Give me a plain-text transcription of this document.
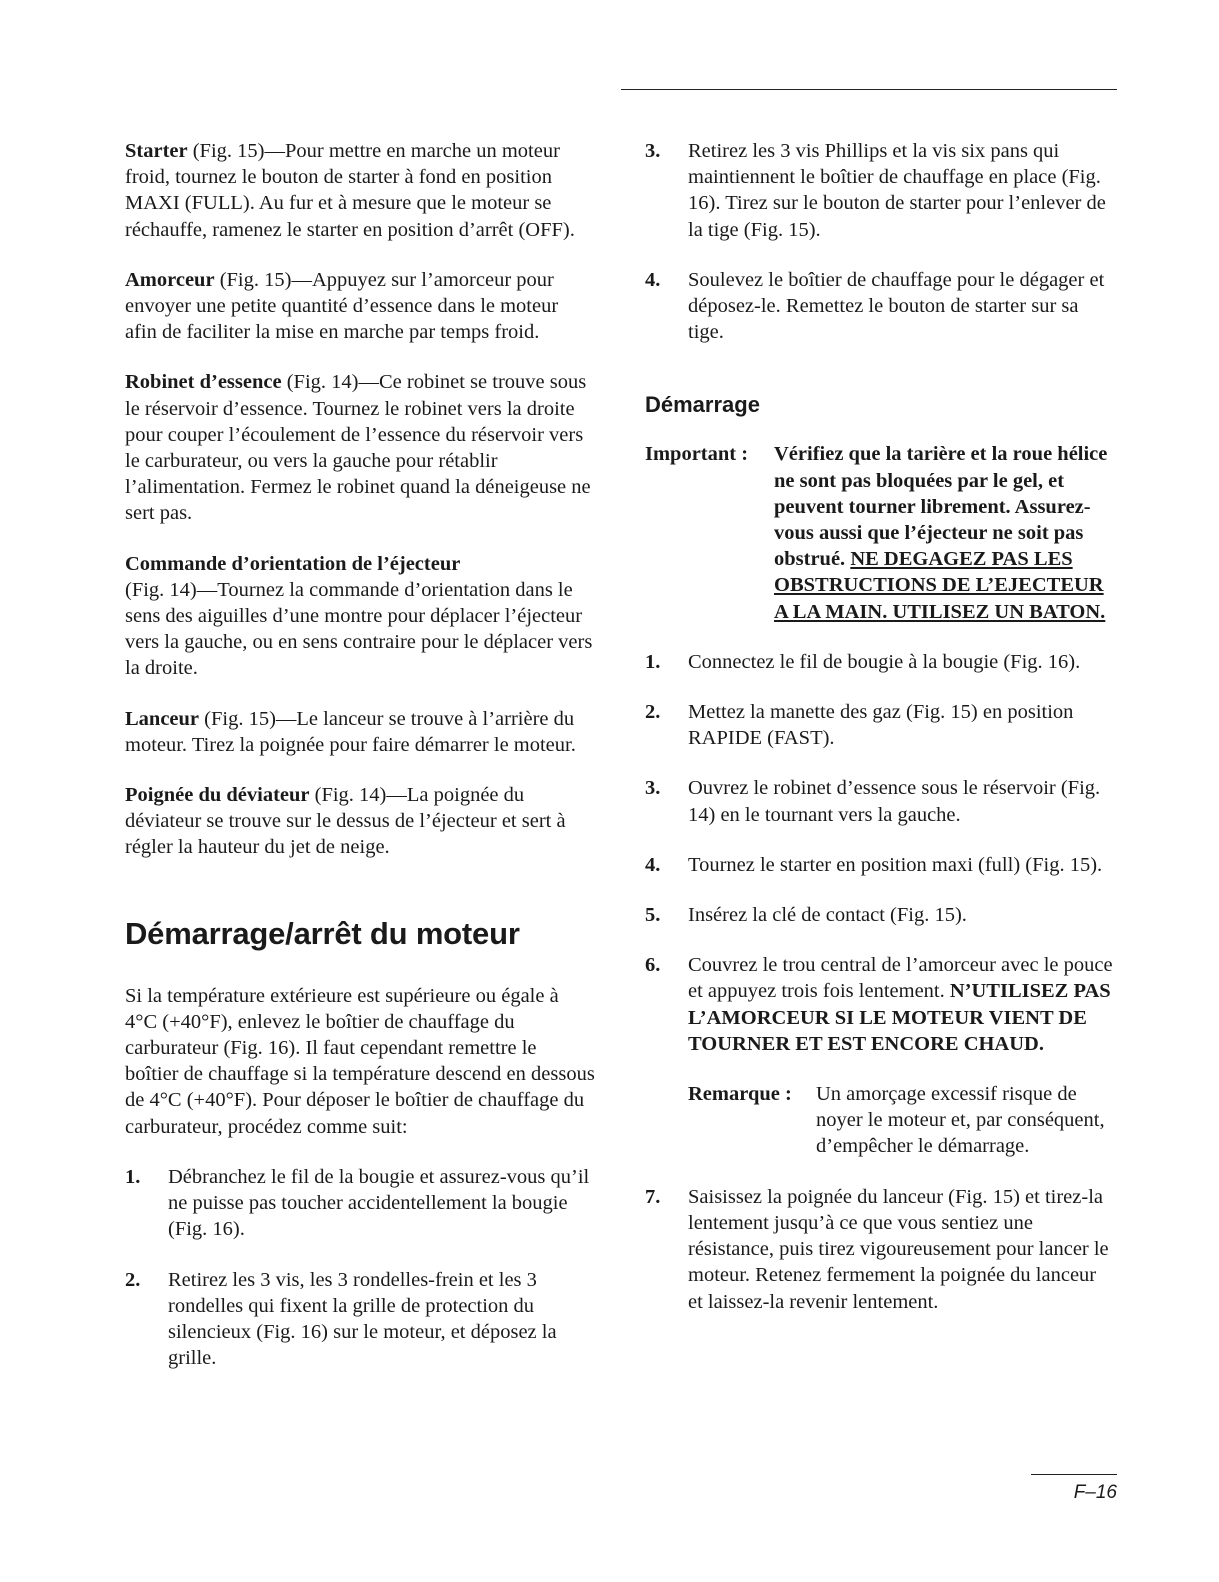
Starter (Fig. 15)—Pour mettre en marche un moteur froid, tournez le bouton de starter à fond en position MAXI (FULL). Au fur et à mesure que le moteur se réchauffe, ramenez le starter en position d’arrêt (OFF).

Amorceur (Fig. 15)—Appuyez sur l’amorceur pour envoyer une petite quantité d’essence dans le moteur afin de faciliter la mise en marche par temps froid.

Robinet d’essence (Fig. 14)—Ce robinet se trouve sous le réservoir d’essence. Tournez le robinet vers la droite pour couper l’écoulement de l’essence du réservoir vers le carburateur, ou vers la gauche pour rétablir l’alimentation. Fermez le robinet quand la déneigeuse ne sert pas.

Commande d’orientation de l’éjecteur
(Fig. 14)—Tournez la commande d’orientation dans le sens des aiguilles d’une montre pour déplacer l’éjecteur vers la gauche, ou en sens contraire pour le déplacer vers la droite.

Lanceur (Fig. 15)—Le lanceur se trouve à l’arrière du moteur. Tirez la poignée pour faire démarrer le moteur.

Poignée du déviateur (Fig. 14)—La poignée du déviateur se trouve sur le dessus de l’éjecteur et sert à régler la hauteur du jet de neige.

Démarrage/arrêt du moteur

Si la température extérieure est supérieure ou égale à 4°C (+40°F), enlevez le boîtier de chauffage du carburateur (Fig. 16). Il faut cependant remettre le boîtier de chauffage si la température descend en dessous de 4°C (+40°F). Pour déposer le boîtier de chauffage du carburateur, procédez comme suit:

1.	Débranchez le fil de la bougie et assurez-vous qu’il ne puisse pas toucher accidentellement la bougie (Fig. 16).
2.	Retirez les 3 vis, les 3 rondelles-frein et les 3 rondelles qui fixent la grille de protection du silencieux (Fig. 16) sur le moteur, et déposez la grille.
3.	Retirez les 3 vis Phillips et la vis six pans qui maintiennent le boîtier de chauffage en place (Fig. 16). Tirez sur le bouton de starter pour l’enlever de la tige (Fig. 15).
4.	Soulevez le boîtier de chauffage pour le dégager et déposez-le. Remettez le bouton de starter sur sa tige.
Démarrage
Important :	Vérifiez que la tarière et la roue hélice ne sont pas bloquées par le gel, et peuvent tourner librement. Assurez-vous aussi que l’éjecteur ne soit pas obstrué. NE DEGAGEZ PAS LES OBSTRUCTIONS DE L’EJECTEUR A LA MAIN. UTILISEZ UN BATON.
1.	Connectez le fil de bougie à la bougie (Fig. 16).
2.	Mettez la manette des gaz (Fig. 15) en position RAPIDE (FAST).
3.	Ouvrez le robinet d’essence sous le réservoir (Fig. 14) en le tournant vers la gauche.
4.	Tournez le starter en position maxi (full) (Fig. 15).
5.	Insérez la clé de contact (Fig. 15).
6.	Couvrez le trou central de l’amorceur avec le pouce et appuyez trois fois lentement. N’UTILISEZ PAS L’AMORCEUR SI LE MOTEUR VIENT DE TOURNER ET EST ENCORE CHAUD.
Remarque :	Un amorçage excessif risque de noyer le moteur et, par conséquent, d’empêcher le démarrage.
7.	Saisissez la poignée du lanceur (Fig. 15) et tirez-la lentement jusqu’à ce que vous sentiez une résistance, puis tirez vigoureusement pour lancer le moteur. Retenez fermement la poignée du lanceur et laissez-la revenir lentement.
F–16
